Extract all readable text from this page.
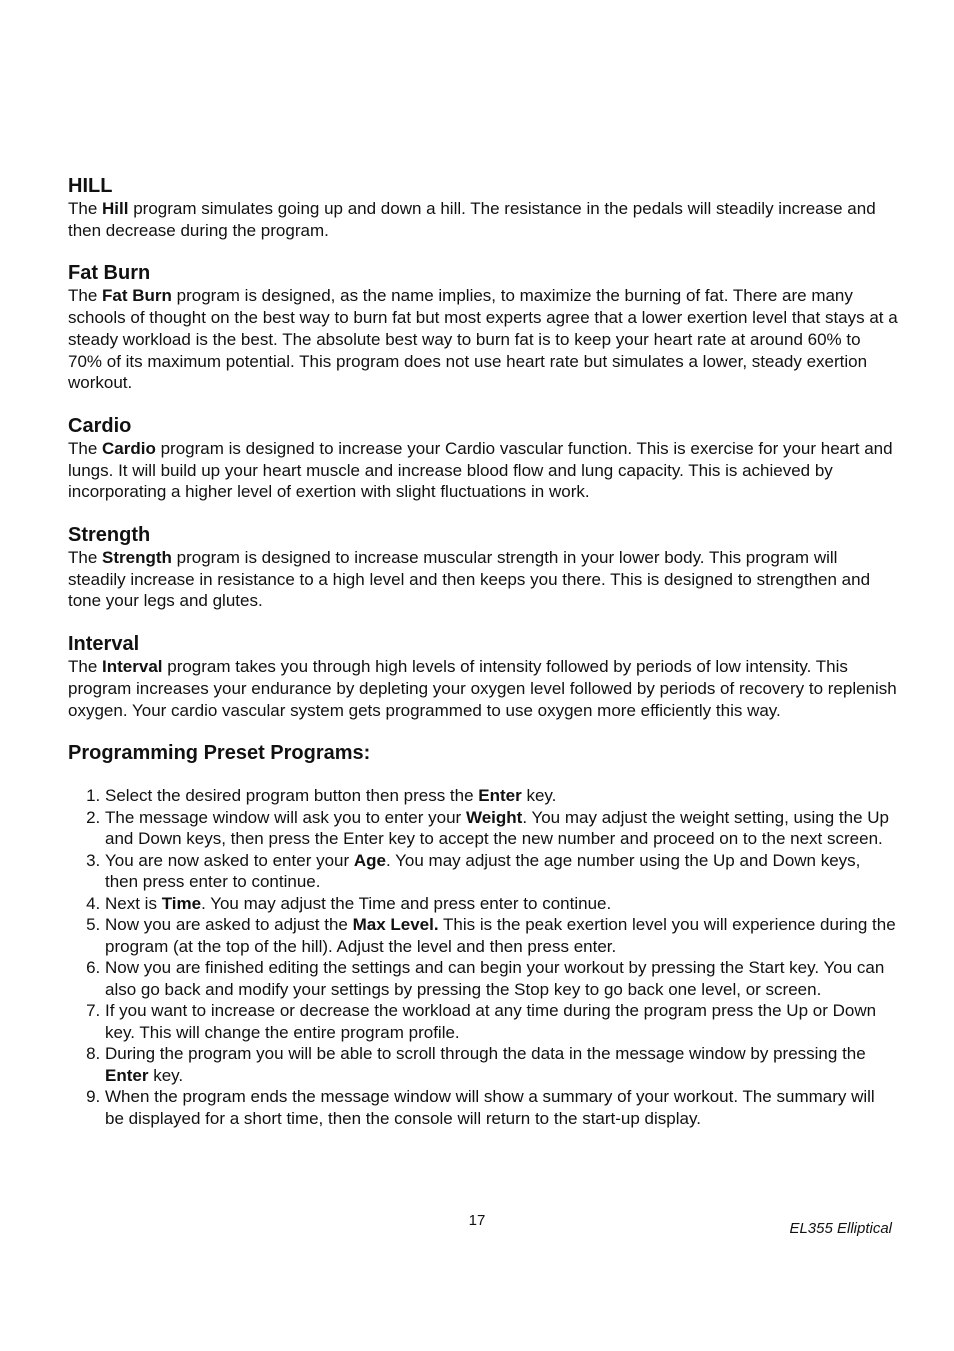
HILL

The Hill program simulates going up and down a hill. The resistance in the pedals will steadily increase and then decrease during the program.

Fat Burn

The Fat Burn program is designed, as the name implies, to maximize the burning of fat. There are many schools of thought on the best way to burn fat but most experts agree that a lower exertion level that stays at a steady workload is the best. The absolute best way to burn fat is to keep your heart rate at around 60% to 70% of its maximum potential. This program does not use heart rate but simulates a lower, steady exertion workout.

Cardio

The Cardio program is designed to increase your Cardio vascular function. This is exercise for your heart and lungs. It will build up your heart muscle and increase blood flow and lung capacity. This is achieved by incorporating a higher level of exertion with slight fluctuations in work.

Strength

The Strength program is designed to increase muscular strength in your lower body. This program will steadily increase in resistance to a high level and then keeps you there. This is designed to strengthen and tone your legs and glutes.

Interval

The Interval program takes you through high levels of intensity followed by periods of low intensity. This program increases your endurance by depleting your oxygen level followed by periods of recovery to replenish oxygen. Your cardio vascular system gets programmed to use oxygen more efficiently this way.

Programming Preset Programs:
1. Select the desired program button then press the Enter key.
2. The message window will ask you to enter your Weight. You may adjust the weight setting, using the Up and Down keys, then press the Enter key to accept the new number and proceed on to the next screen.
3. You are now asked to enter your Age. You may adjust the age number using the Up and Down keys, then press enter to continue.
4. Next is Time. You may adjust the Time and press enter to continue.
5. Now you are asked to adjust the Max Level. This is the peak exertion level you will experience during the program (at the top of the hill). Adjust the level and then press enter.
6. Now you are finished editing the settings and can begin your workout by pressing the Start key. You can also go back and modify your settings by pressing the Stop key to go back one level, or screen.
7. If you want to increase or decrease the workload at any time during the program press the Up or Down key. This will change the entire program profile.
8. During the program you will be able to scroll through the data in the message window by pressing the Enter key.
9. When the program ends the message window will show a summary of your workout. The summary will be displayed for a short time, then the console will return to the start-up display.
17	EL355 Elliptical
